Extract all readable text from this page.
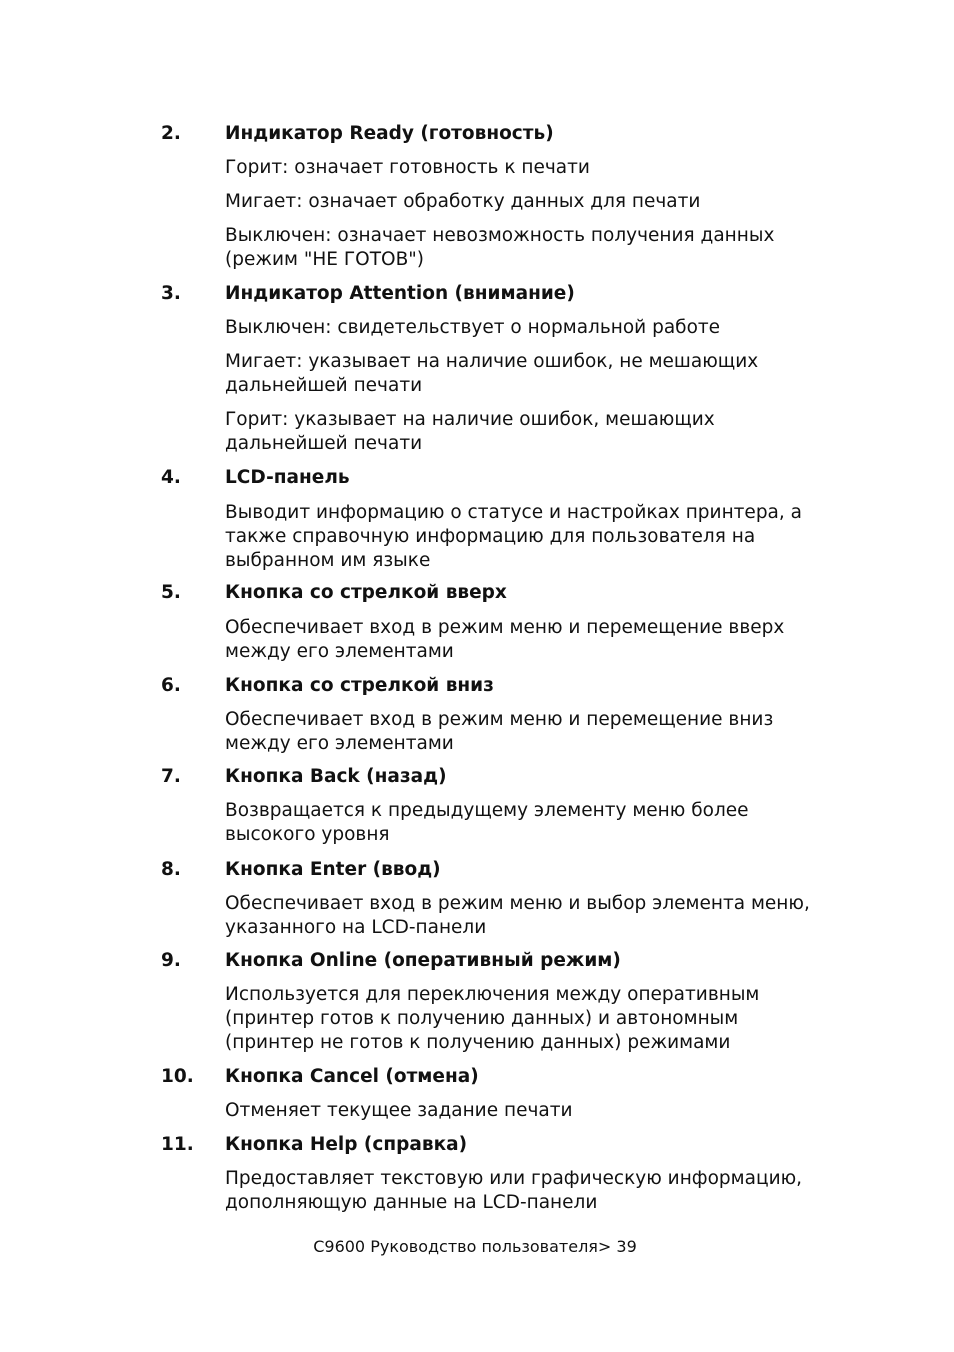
2.	Индикатор Ready (готовность)
Горит: означает готовность к печати
Мигает: означает обработку данных для печати
Выключен: означает невозможность получения данных
(режим "НЕ ГОТОВ")
3.	Индикатор Attention (внимание)
Выключен: свидетельствует о нормальной работе
Мигает: указывает на наличие ошибок, не мешающих
дальнейшей печати
Горит: указывает на наличие ошибок, мешающих
дальнейшей печати
4.	LCD-панель
Выводит информацию о статусе и настройках принтера, а
также справочную информацию для пользователя на
выбранном им языке
5.	Кнопка со стрелкой вверх
Обеспечивает вход в режим меню и перемещение вверх
между его элементами
6.	Кнопка со стрелкой вниз
Обеспечивает вход в режим меню и перемещение вниз
между его элементами
7.	Кнопка Back (назад)
Возвращается к предыдущему элементу меню более
высокого уровня
8.	Кнопка Enter (ввод)
Обеспечивает вход в режим меню и выбор элемента меню,
указанного на LCD-панели
9.	Кнопка Online (оперативный режим)
Используется для переключения между оперативным
(принтер готов к получению данных) и автономным
(принтер не готов к получению данных) режимами
10.	Кнопка Cancel (отмена)
Отменяет текущее задание печати
11.	Кнопка Help (справка)
Предоставляет текстовую или графическую информацию,
дополняющую данные на LCD-панели
C9600 Руководство пользователя> 39
